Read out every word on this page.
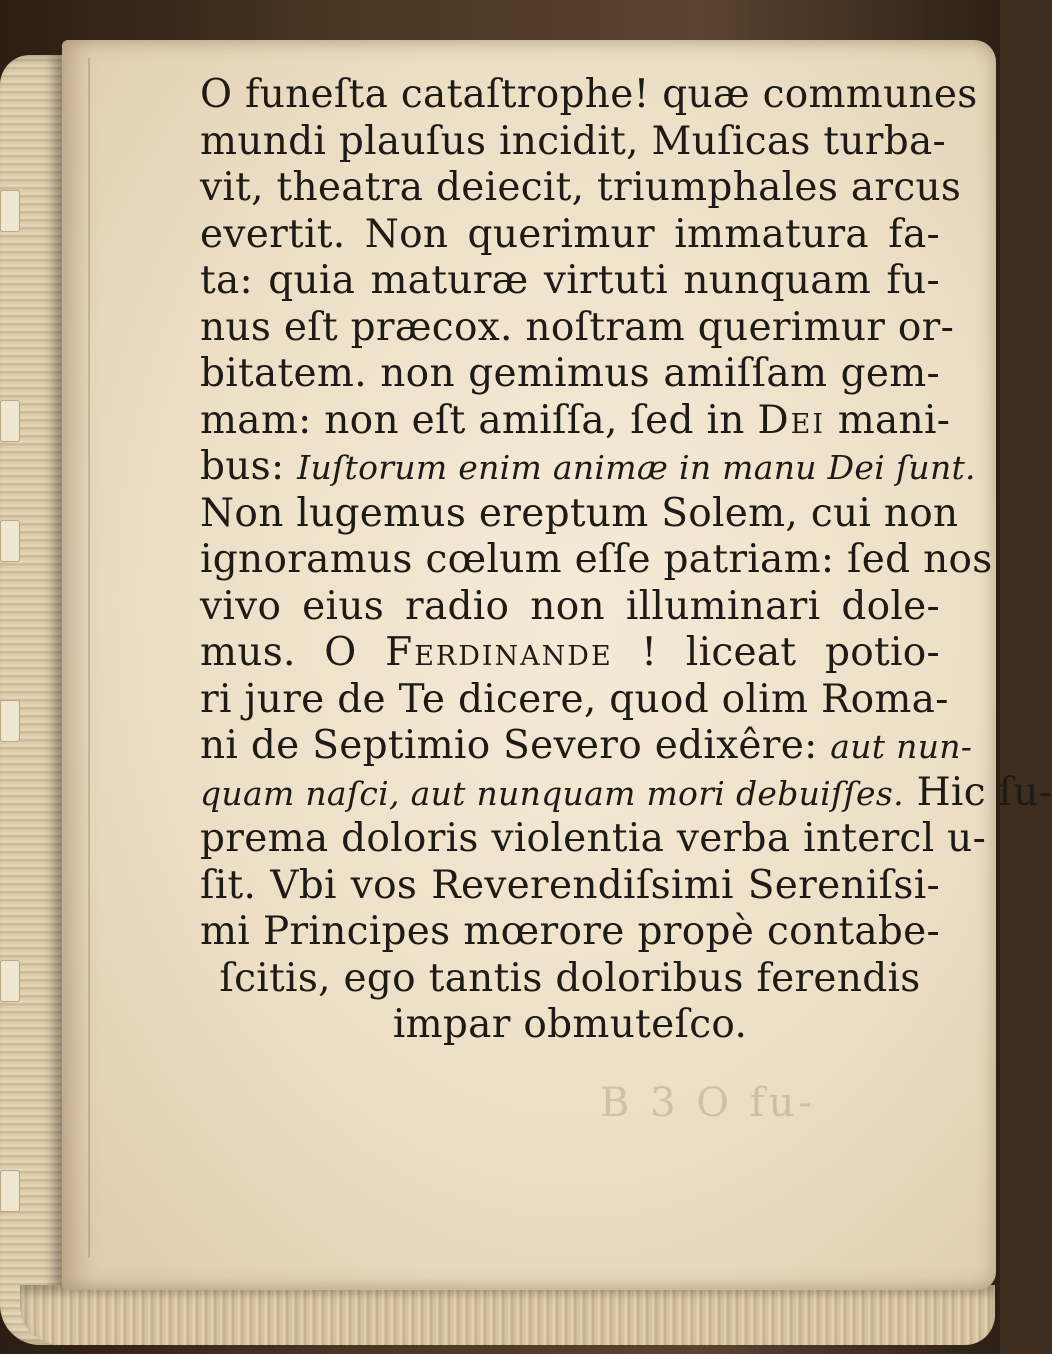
B 3 O fu-
O funeſta cataſtrophe! quæ communes
mundi plauſus incidit, Muſicas turba-
vit, theatra deiecit, triumphales arcus
evertit. Non querimur immatura fa-
ta: quia maturæ virtuti nunquam fu-
nus eſt præcox. noſtram querimur or-
bitatem. non gemimus amiſſam gem-
mam: non eſt amiſſa, ſed in Dei mani-
bus: Iuſtorum enim animæ in manu Dei ſunt.
Non lugemus ereptum Solem, cui non
ignoramus cœlum eſſe patriam: ſed nos
vivo eius radio non illuminari dole-
mus. O Ferdinande ! liceat potio-
ri jure de Te dicere, quod olim Roma-
ni de Septimio Severo edixêre: aut nun-
quam naſci, aut nunquam mori debuiſſes. Hic ſu-
prema doloris violentia verba intercl u-
ſit. Vbi vos Reverendiſsimi Sereniſsi-
mi Principes mœrore propè contabe-
ſcitis, ego tantis doloribus ferendis
impar obmuteſco.
